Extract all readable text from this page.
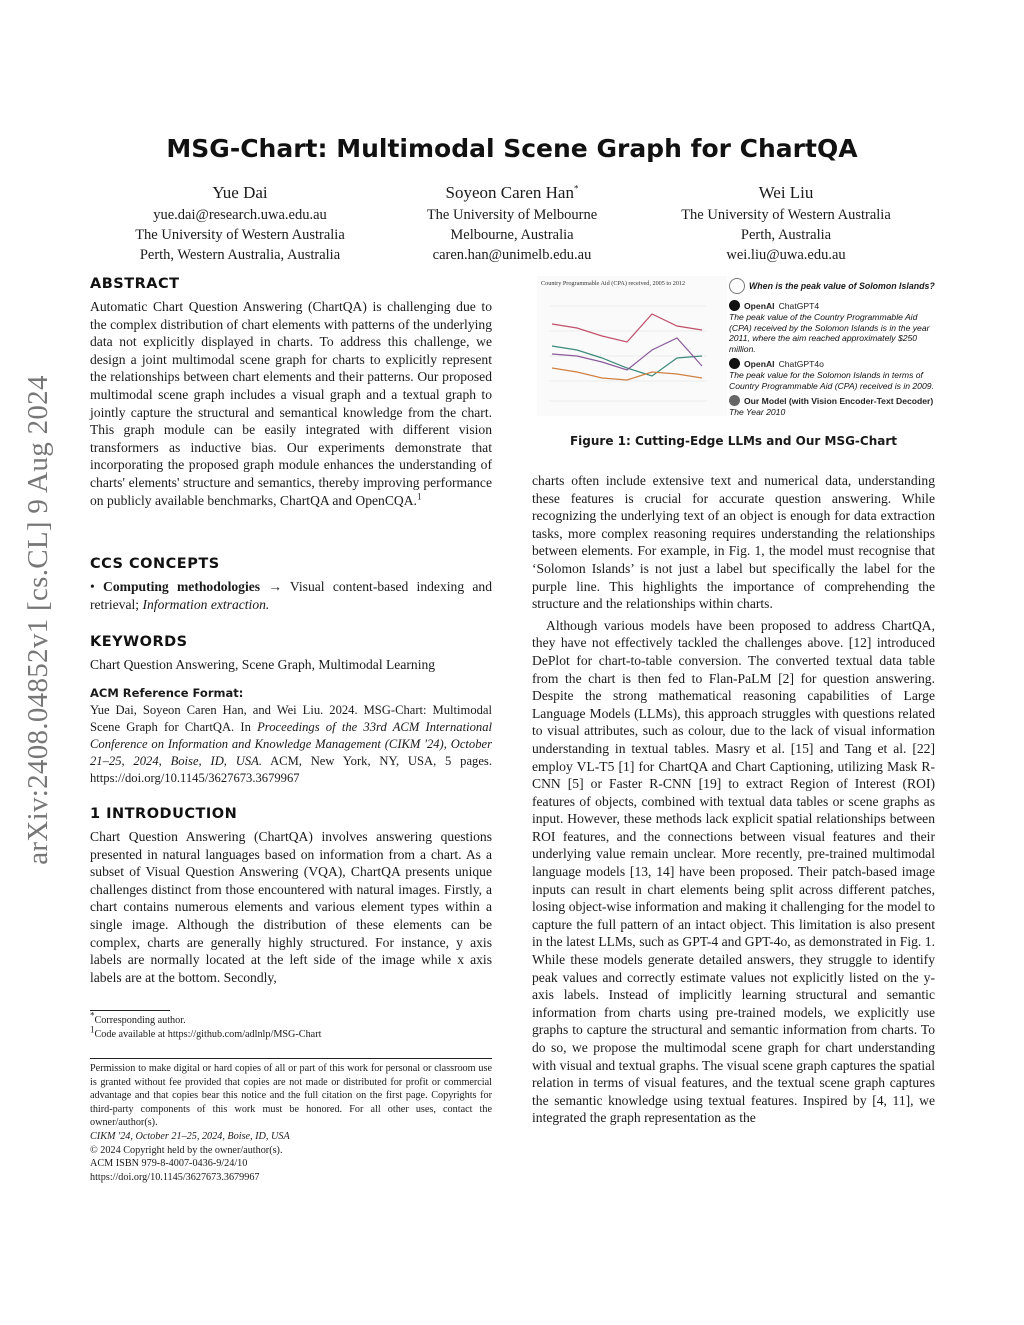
arXiv:2408.04852v1 [cs.CL] 9 Aug 2024
MSG-Chart: Multimodal Scene Graph for ChartQA
Yue Dai
yue.dai@research.uwa.edu.au
The University of Western Australia
Perth, Western Australia, Australia
Soyeon Caren Han*
The University of Melbourne
Melbourne, Australia
caren.han@unimelb.edu.au
Wei Liu
The University of Western Australia
Perth, Australia
wei.liu@uwa.edu.au
ABSTRACT

Automatic Chart Question Answering (ChartQA) is challenging due to the complex distribution of chart elements with patterns of the underlying data not explicitly displayed in charts. To address this challenge, we design a joint multimodal scene graph for charts to explicitly represent the relationships between chart elements and their patterns. Our proposed multimodal scene graph includes a visual graph and a textual graph to jointly capture the structural and semantical knowledge from the chart. This graph module can be easily integrated with different vision transformers as inductive bias. Our experiments demonstrate that incorporating the proposed graph module enhances the understanding of charts' elements' structure and semantics, thereby improving performance on publicly available benchmarks, ChartQA and OpenCQA.$^1$

CCS CONCEPTS

• Computing methodologies → Visual content-based indexing and retrieval; Information extraction.

KEYWORDS

Chart Question Answering, Scene Graph, Multimodal Learning

ACM Reference Format:

Yue Dai, Soyeon Caren Han, and Wei Liu. 2024. MSG-Chart: Multimodal Scene Graph for ChartQA. In Proceedings of the 33rd ACM International Conference on Information and Knowledge Management (CIKM '24), October 21–25, 2024, Boise, ID, USA. ACM, New York, NY, USA, 5 pages. https://doi.org/10.1145/3627673.3679967

1 INTRODUCTION

Chart Question Answering (ChartQA) involves answering questions presented in natural languages based on information from a chart. As a subset of Visual Question Answering (VQA), ChartQA presents unique challenges distinct from those encountered with natural images. Firstly, a chart contains numerous elements and various element types within a single image. Although the distribution of these elements can be complex, charts are generally highly structured. For instance, y axis labels are normally located at the left side of the image while x axis labels are at the bottom. Secondly,

*Corresponding author.
$^1$Code available at https://github.com/adlnlp/MSG-Chart
Permission to make digital or hard copies of all or part of this work for personal or classroom use is granted without fee provided that copies are not made or distributed for profit or commercial advantage and that copies bear this notice and the full citation on the first page. Copyrights for third-party components of this work must be honored. For all other uses, contact the owner/author(s).
CIKM '24, October 21–25, 2024, Boise, ID, USA
© 2024 Copyright held by the owner/author(s).
ACM ISBN 979-8-4007-0436-9/24/10
https://doi.org/10.1145/3627673.3679967
Country Programmable Aid (CPA) received, 2005 to 2012	When is the peak value of Solomon Islands?
OpenAI ChatGPT4
The peak value of the Country Programmable Aid (CPA) received by the Solomon Islands is in the year 2011, where the aim reached approximately $250 million.
OpenAI ChatGPT4o
The peak value for the Solomon Islands in terms of Country Programmable Aid (CPA) received is in 2009.
Our Model (with Vision Encoder-Text Decoder)
The Year 2010
Figure 1: Cutting-Edge LLMs and Our MSG-Chart

charts often include extensive text and numerical data, understanding these features is crucial for accurate question answering. While recognizing the underlying text of an object is enough for data extraction tasks, more complex reasoning requires understanding the relationships between elements. For example, in Fig. 1, the model must recognise that ‘Solomon Islands’ is not just a label but specifically the label for the purple line. This highlights the importance of comprehending the structure and the relationships within charts.

Although various models have been proposed to address ChartQA, they have not effectively tackled the challenges above. [12] introduced DePlot for chart-to-table conversion. The converted textual data table from the chart is then fed to Flan-PaLM [2] for question answering. Despite the strong mathematical reasoning capabilities of Large Language Models (LLMs), this approach struggles with questions related to visual attributes, such as colour, due to the lack of visual information understanding in textual tables. Masry et al. [15] and Tang et al. [22] employ VL-T5 [1] for ChartQA and Chart Captioning, utilizing Mask R-CNN [5] or Faster R-CNN [19] to extract Region of Interest (ROI) features of objects, combined with textual data tables or scene graphs as input. However, these methods lack explicit spatial relationships between ROI features, and the connections between visual features and their underlying value remain unclear. More recently, pre-trained multimodal language models [13, 14] have been proposed. Their patch-based image inputs can result in chart elements being split across different patches, losing object-wise information and making it challenging for the model to capture the full pattern of an intact object. This limitation is also present in the latest LLMs, such as GPT-4 and GPT-4o, as demonstrated in Fig. 1. While these models generate detailed answers, they struggle to identify peak values and correctly estimate values not explicitly listed on the y-axis labels. Instead of implicitly learning structural and semantic information from charts using pre-trained models, we explicitly use graphs to capture the structural and semantic information from charts. To do so, we propose the multimodal scene graph for chart understanding with visual and textual graphs. The visual scene graph captures the spatial relation in terms of visual features, and the textual scene graph captures the semantic knowledge using textual features. Inspired by [4, 11], we integrated the graph representation as the
